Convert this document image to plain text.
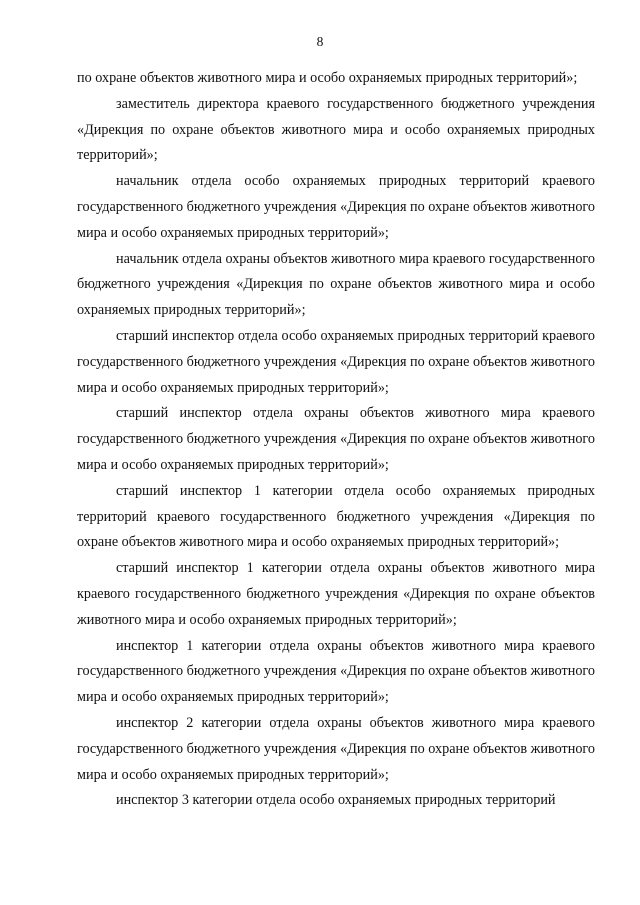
8

по охране объектов животного мира и особо охраняемых природных территорий»;

заместитель директора краевого государственного бюджетного учреждения «Дирекция по охране объектов животного мира и особо охраняемых природных территорий»;

начальник отдела особо охраняемых природных территорий краевого государственного бюджетного учреждения «Дирекция по охране объектов животного мира и особо охраняемых природных территорий»;

начальник отдела охраны объектов животного мира краевого государственного бюджетного учреждения «Дирекция по охране объектов животного мира и особо охраняемых природных территорий»;

старший инспектор отдела особо охраняемых природных территорий краевого государственного бюджетного учреждения «Дирекция по охране объектов животного мира и особо охраняемых природных территорий»;

старший инспектор отдела охраны объектов животного мира краевого государственного бюджетного учреждения «Дирекция по охране объектов животного мира и особо охраняемых природных территорий»;

старший инспектор 1 категории отдела особо охраняемых природных территорий краевого государственного бюджетного учреждения «Дирекция по охране объектов животного мира и особо охраняемых природных территорий»;

старший инспектор 1 категории отдела охраны объектов животного мира краевого государственного бюджетного учреждения «Дирекция по охране объектов животного мира и особо охраняемых природных территорий»;

инспектор 1 категории отдела охраны объектов животного мира краевого государственного бюджетного учреждения «Дирекция по охране объектов животного мира и особо охраняемых природных территорий»;

инспектор 2 категории отдела охраны объектов животного мира краевого государственного бюджетного учреждения «Дирекция по охране объектов животного мира и особо охраняемых природных территорий»;

инспектор 3 категории отдела особо охраняемых природных территорий
